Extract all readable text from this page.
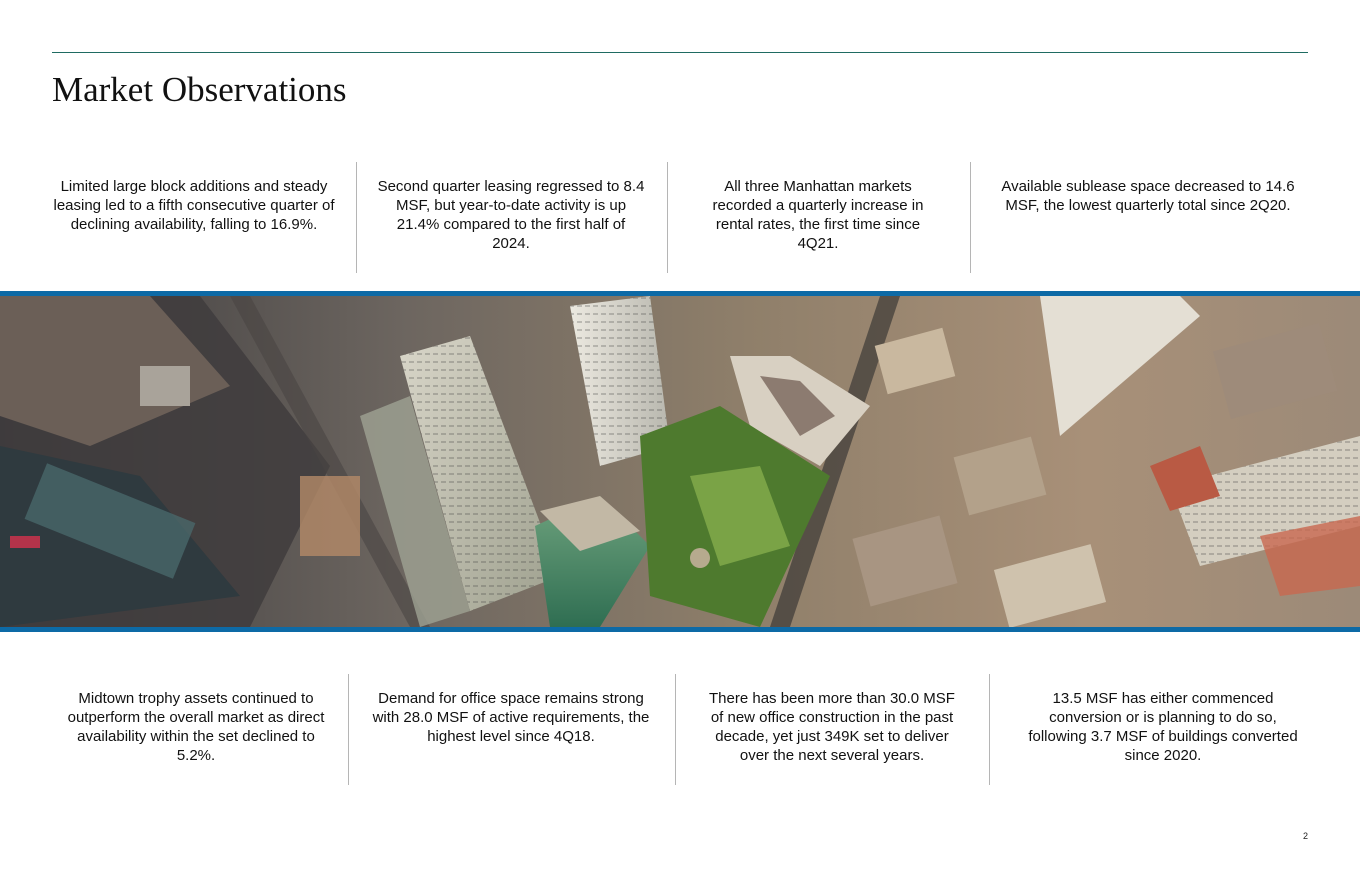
Market Observations
Limited large block additions and steady leasing led to a fifth consecutive quarter of declining availability, falling to 16.9%.
Second quarter leasing regressed to 8.4 MSF, but year-to-date activity is up 21.4% compared to the first half of 2024.
All three Manhattan markets recorded a quarterly increase in rental rates, the first time since 4Q21.
Available sublease space decreased to 14.6 MSF, the lowest quarterly total since 2Q20.
Midtown trophy assets continued to outperform the overall market as direct availability within the set declined to 5.2%.
Demand for office space remains strong with 28.0 MSF of active requirements, the highest level since 4Q18.
There has been more than 30.0 MSF of new office construction in the past decade, yet just 349K set to deliver over the next several years.
13.5 MSF has either commenced conversion or is planning to do so, following 3.7 MSF of buildings converted since 2020.
2
